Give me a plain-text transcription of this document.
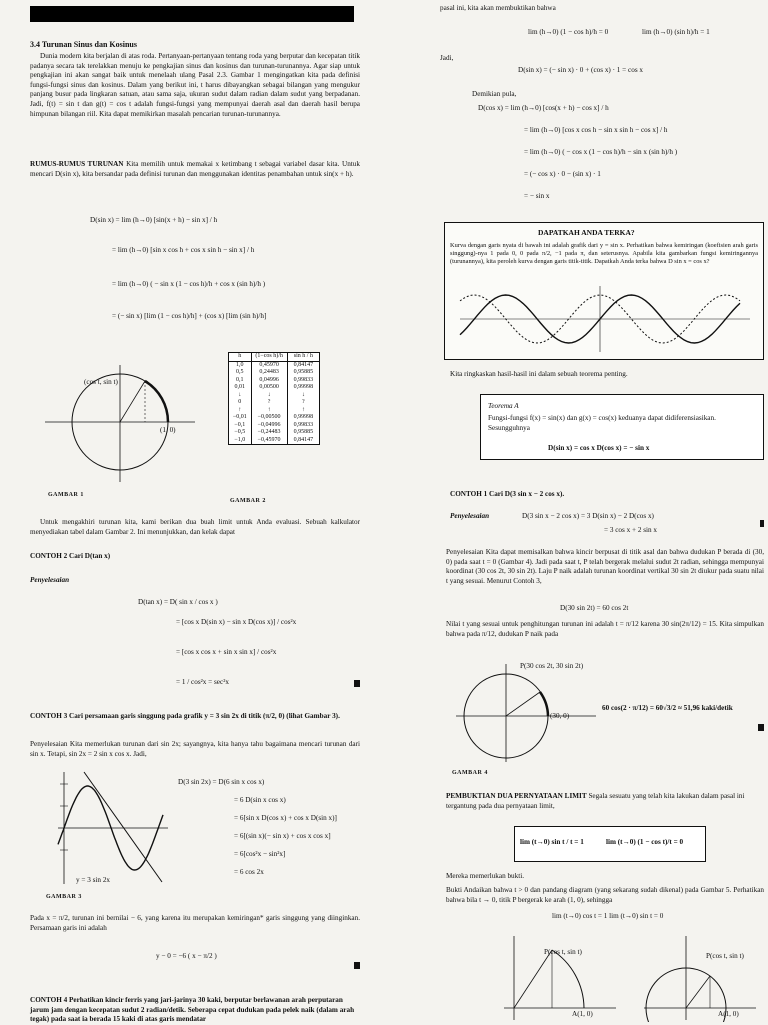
3.4 Turunan Sinus dan Kosinus
Dunia modern kita berjalan di atas roda. Pertanyaan-pertanyaan tentang roda yang berputar dan kecepatan titik padanya secara tak terelakkan menuju ke pengkajian sinus dan kosinus dan turunan-turunannya. Agar siap untuk pengkajian ini akan sangat baik untuk menelaah ulang Pasal 2.3. Gambar 1 mengingatkan kita pada definisi fungsi-fungsi sinus dan kosinus. Dalam yang berikut ini, t harus dibayangkan sebagai bilangan yang mengukur panjang busur pada lingkaran satuan, atau sama saja, ukuran sudut dalam radian dalam sudut yang berpadanan. Jadi, f(t) = sin t dan g(t) = cos t adalah fungsi-fungsi yang mempunyai daerah asal dan daerah hasil berupa himpunan bilangan riil. Kita dapat memikirkan masalah pencarian turunan-turunannya.
RUMUS-RUMUS TURUNAN Kita memilih untuk memakai x ketimbang t sebagai variabel dasar kita. Untuk mencari D(sin x), kita bersandar pada definisi turunan dan menggunakan identitas penambahan untuk sin(x + h).
D(sin x) = lim (h→0) [sin(x + h) − sin x] / h
= lim (h→0) [sin x cos h + cos x sin h − sin x] / h
= lim (h→0) ( − sin x (1 − cos h)/h + cos x (sin h)/h )
= (− sin x) [lim (1 − cos h)/h] + (cos x) [lim (sin h)/h]
(cos t, sin t)
(1, 0)
GAMBAR 1
h	(1−cos h)/h	sin h / h
1,0	0,45970	0,84147
0,5	0,24483	0,95885
0,1	0,04996	0,99833
0,01	0,00500	0,99998
↓	↓	↓
0	?	?
↑	↑	↑
−0,01	−0,00500	0,99998
−0,1	−0,04996	0,99833
−0,5	−0,24483	0,95885
−1,0	−0,45970	0,84147
GAMBAR 2
Untuk mengakhiri turunan kita, kami berikan dua buah limit untuk Anda evaluasi. Sebuah kalkulator menyediakan tabel dalam Gambar 2. Ini menunjukkan, dan kelak dapat
CONTOH 2 Cari D(tan x)
Penyelesaian
D(tan x) = D( sin x / cos x )
= [cos x D(sin x) − sin x D(cos x)] / cos²x
= [cos x cos x + sin x sin x] / cos²x
= 1 / cos²x = sec²x
CONTOH 3 Cari persamaan garis singgung pada grafik y = 3 sin 2x di titik (π/2, 0) (lihat Gambar 3).
Penyelesaian Kita memerlukan turunan dari sin 2x; sayangnya, kita hanya tahu bagaimana mencari turunan dari sin x. Tetapi, sin 2x = 2 sin x cos x. Jadi,
y = 3 sin 2x
GAMBAR 3
D(3 sin 2x) = D(6 sin x cos x)
= 6 D(sin x cos x)
= 6[sin x D(cos x) + cos x D(sin x)]
= 6[(sin x)(− sin x) + cos x cos x]
= 6[cos²x − sin²x]
= 6 cos 2x
Pada x = π/2, turunan ini bernilai − 6, yang karena itu merupakan kemiringan* garis singgung yang diinginkan. Persamaan garis ini adalah
y − 0 = −6 ( x − π/2 )
CONTOH 4 Perhatikan kincir ferris yang jari-jarinya 30 kaki, berputar berlawanan arah perputaran jarum jam dengan kecepatan sudut 2 radian/detik. Seberapa cepat dudukan pada pelek naik (dalam arah tegak) pada saat ia berada 15 kaki di atas garis mendatar
pasal ini, kita akan membuktikan bahwa
lim (h→0) (1 − cos h)/h = 0	lim (h→0) (sin h)/h = 1
Jadi,
D(sin x) = (− sin x) · 0 + (cos x) · 1 = cos x
Demikian pula,
D(cos x) = lim (h→0) [cos(x + h) − cos x] / h
= lim (h→0) [cos x cos h − sin x sin h − cos x] / h
= lim (h→0) ( − cos x (1 − cos h)/h − sin x (sin h)/h )
= (− cos x) · 0 − (sin x) · 1
= − sin x
DAPATKAH ANDA TERKA?
Kurva dengan garis nyata di bawah ini adalah grafik dari y = sin x. Perhatikan bahwa kemiringan (koefisien arah garis singgung)-nya 1 pada 0, 0 pada π/2, −1 pada π, dan seterusnya. Apabila kita gambarkan fungsi kemiringannya (turunannya), kita peroleh kurva dengan garis titik-titik. Dapatkah Anda terka bahwa D sin x = cos x?
Kita ringkaskan hasil-hasil ini dalam sebuah teorema penting.
Teorema A
Fungsi-fungsi f(x) = sin(x) dan g(x) = cos(x) keduanya dapat didiferensiasikan. Sesungguhnya
D(sin x) = cos x D(cos x) = − sin x
CONTOH 1 Cari D(3 sin x − 2 cos x).
Penyelesaian	D(3 sin x − 2 cos x) = 3 D(sin x) − 2 D(cos x)
= 3 cos x + 2 sin x
Penyelesaian Kita dapat memisalkan bahwa kincir berpusat di titik asal dan bahwa dudukan P berada di (30, 0) pada saat t = 0 (Gambar 4). Jadi pada saat t, P telah bergerak melalui sudut 2t radian, sehingga mempunyai koordinat (30 cos 2t, 30 sin 2t). Laju P naik adalah turunan koordinat vertikal 30 sin 2t diukur pada suatu nilai t yang sesuai. Menurut Contoh 3,
D(30 sin 2t) = 60 cos 2t
Nilai t yang sesuai untuk penghitungan turunan ini adalah t = π/12 karena 30 sin(2π/12) = 15. Kita simpulkan bahwa pada π/12, dudukan P naik pada
P(30 cos 2t, 30 sin 2t)
(30, 0)
60 cos(2 · π/12) = 60√3/2 ≈ 51,96 kaki/detik
GAMBAR 4
PEMBUKTIAN DUA PERNYATAAN LIMIT Segala sesuatu yang telah kita lakukan dalam pasal ini tergantung pada dua pernyataan limit,
lim (t→0) sin t / t = 1	lim (t→0) (1 − cos t)/t = 0
Mereka memerlukan bukti.
Bukti Andaikan bahwa t > 0 dan pandang diagram (yang sekarang sudah dikenal) pada Gambar 5. Perhatikan bahwa bila t → 0, titik P bergerak ke arah (1, 0), sehingga
lim (t→0) cos t = 1 lim (t→0) sin t = 0
P(cos t, sin t)
A(1, 0)
P(cos t, sin t)
A(1, 0)
